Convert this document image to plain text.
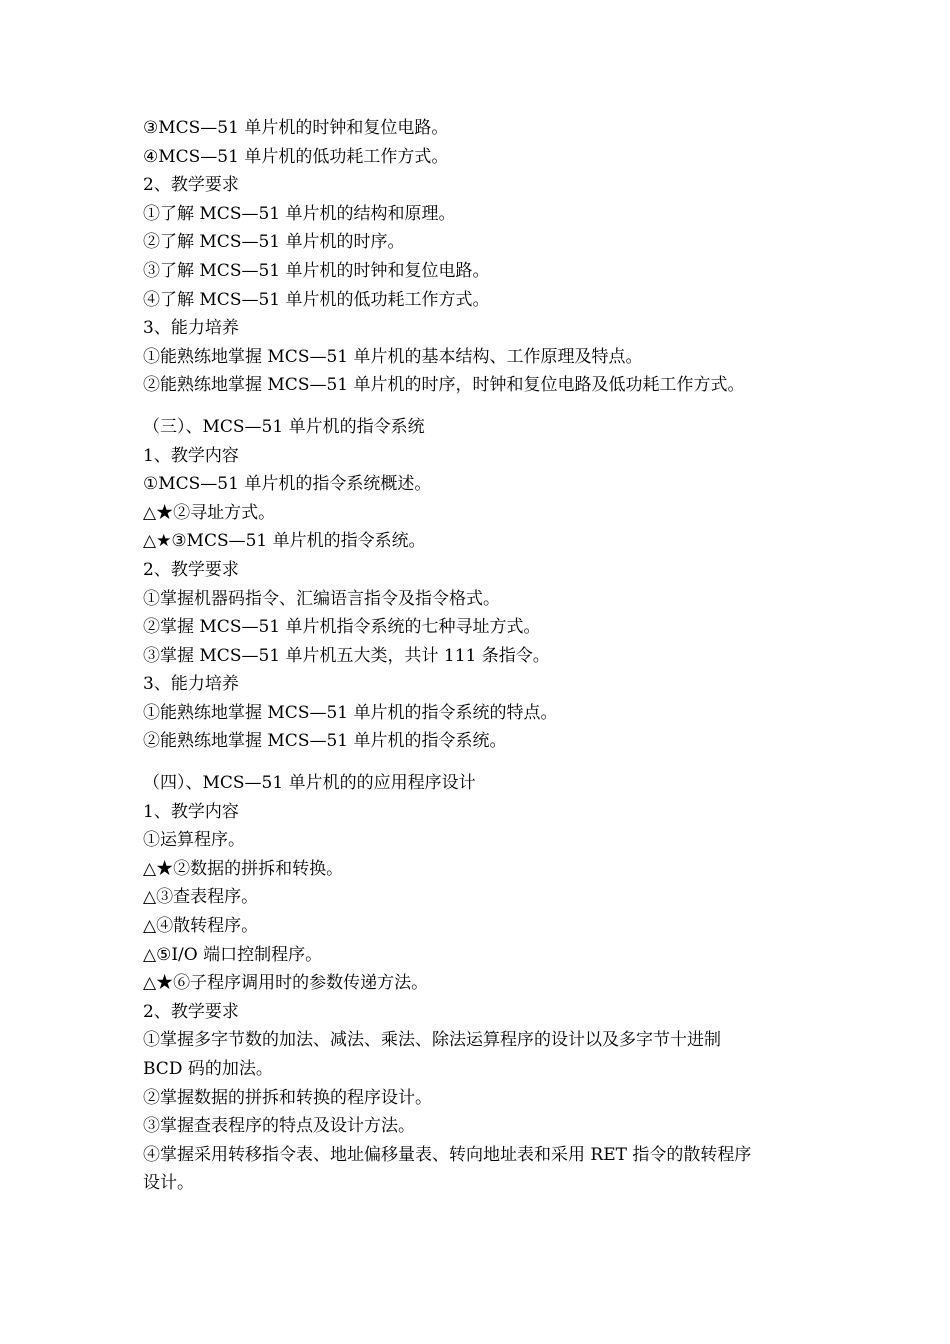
③MCS—51 单片机的时钟和复位电路。
④MCS—51 单片机的低功耗工作方式。
2、教学要求
①了解 MCS—51 单片机的结构和原理。
②了解 MCS—51 单片机的时序。
③了解 MCS—51 单片机的时钟和复位电路。
④了解 MCS—51 单片机的低功耗工作方式。
3、能力培养
①能熟练地掌握 MCS—51 单片机的基本结构、工作原理及特点。
②能熟练地掌握 MCS—51 单片机的时序，时钟和复位电路及低功耗工作方式。
（三）、MCS—51 单片机的指令系统
1、教学内容
①MCS—51 单片机的指令系统概述。
△★②寻址方式。
△★③MCS—51 单片机的指令系统。
2、教学要求
①掌握机器码指令、汇编语言指令及指令格式。
②掌握 MCS—51 单片机指令系统的七种寻址方式。
③掌握 MCS—51 单片机五大类，共计 111 条指令。
3、能力培养
①能熟练地掌握 MCS—51 单片机的指令系统的特点。
②能熟练地掌握 MCS—51 单片机的指令系统。
（四）、MCS—51 单片机的的应用程序设计
1、教学内容
①运算程序。
△★②数据的拼拆和转换。
△③查表程序。
△④散转程序。
△⑤I/O 端口控制程序。
△★⑥子程序调用时的参数传递方法。
2、教学要求
①掌握多字节数的加法、减法、乘法、除法运算程序的设计以及多字节十进制
BCD 码的加法。
②掌握数据的拼拆和转换的程序设计。
③掌握查表程序的特点及设计方法。
④掌握采用转移指令表、地址偏移量表、转向地址表和采用 RET 指令的散转程序
设计。
